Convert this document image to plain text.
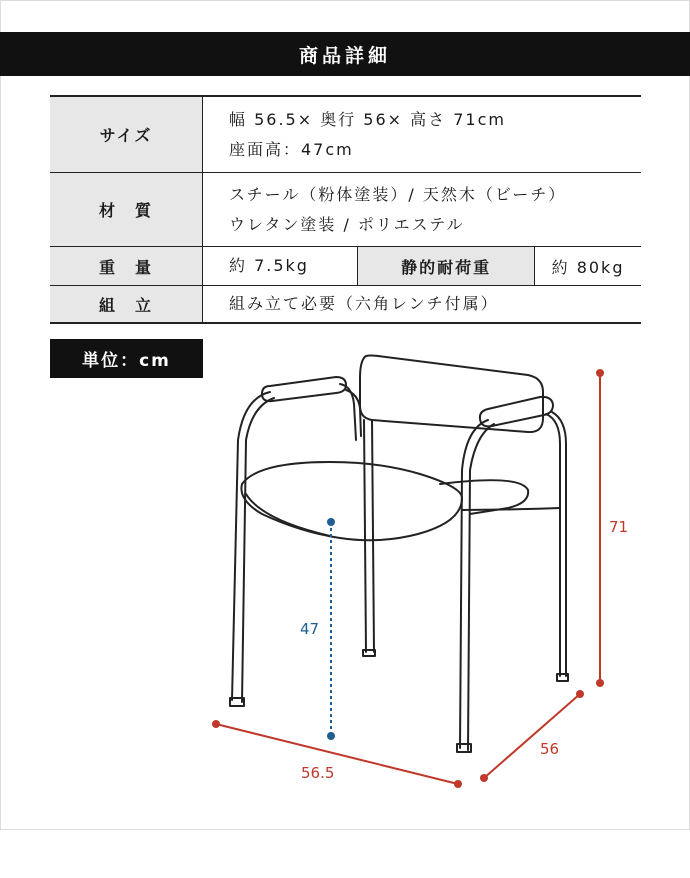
商品詳細
サイズ	幅 56.5× 奥行 56× 高さ 71cm
座面高：47cm		

材　質	スチール（粉体塗装）/ 天然木（ビーチ）
ウレタン塗装 / ポリエステル		

重　量	約 7.5kg	静的耐荷重	約 80kg
組　立	組み立て必要（六角レンチ付属）		
単位：cm
71
47
56
56.5
